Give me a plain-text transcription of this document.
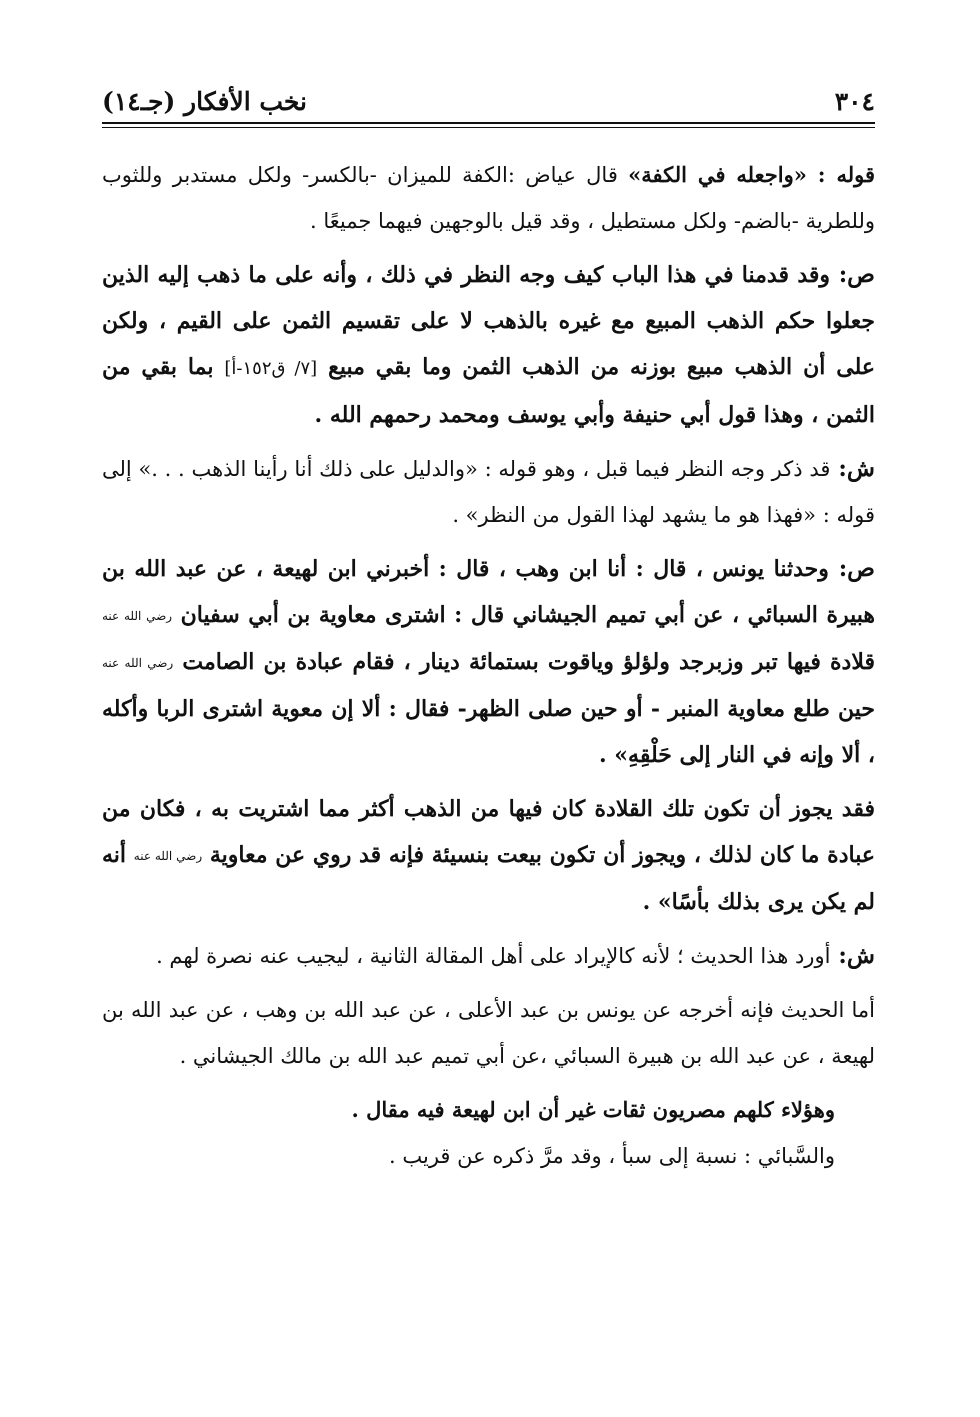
٣٠٤
نخب الأفكار (جـ١٤)

قوله : «واجعله في الكفة» قال عياض :الكفة للميزان -بالكسر- ولكل مستدبر وللثوب وللطرية -بالضم- ولكل مستطيل ، وقد قيل بالوجهين فيهما جميعًا .

ص: وقد قدمنا في هذا الباب كيف وجه النظر في ذلك ، وأنه على ما ذهب إليه الذين جعلوا حكم الذهب المبيع مع غيره بالذهب لا على تقسيم الثمن على القيم ، ولكن على أن الذهب مبيع بوزنه من الذهب الثمن وما بقي مبيع [٧/ ق١٥٢-أ] بما بقي من الثمن ، وهذا قول أبي حنيفة وأبي يوسف ومحمد رحمهم الله .

ش: قد ذكر وجه النظر فيما قبل ، وهو قوله : «والدليل على ذلك أنا رأينا الذهب . . .» إلى قوله : «فهذا هو ما يشهد لهذا القول من النظر» .

ص: وحدثنا يونس ، قال : أنا ابن وهب ، قال : أخبرني ابن لهيعة ، عن عبد الله بن هبيرة السبائي ، عن أبي تميم الجيشاني قال : اشترى معاوية بن أبي سفيان رضي الله عنه قلادة فيها تبر وزبرجد ولؤلؤ وياقوت بستمائة دينار ، فقام عبادة بن الصامت رضي الله عنه حين طلع معاوية المنبر - أو حين صلى الظهر- فقال : ألا إن معوية اشترى الربا وأكله ، ألا وإنه في النار إلى حَلْقِهِ» .

فقد يجوز أن تكون تلك القلادة كان فيها من الذهب أكثر مما اشتريت به ، فكان من عبادة ما كان لذلك ، ويجوز أن تكون بيعت بنسيئة فإنه قد روي عن معاوية رضي الله عنه أنه لم يكن يرى بذلك بأسًا» .

ش: أورد هذا الحديث ؛ لأنه كالإيراد على أهل المقالة الثانية ، ليجيب عنه نصرة لهم .

أما الحديث فإنه أخرجه عن يونس بن عبد الأعلى ، عن عبد الله بن وهب ، عن عبد الله بن لهيعة ، عن عبد الله بن هبيرة السبائي ،عن أبي تميم عبد الله بن مالك الجيشاني .

وهؤلاء كلهم مصريون ثقات غير أن ابن لهيعة فيه مقال .

والسَّبائي : نسبة إلى سبأ ، وقد مرَّ ذكره عن قريب .
